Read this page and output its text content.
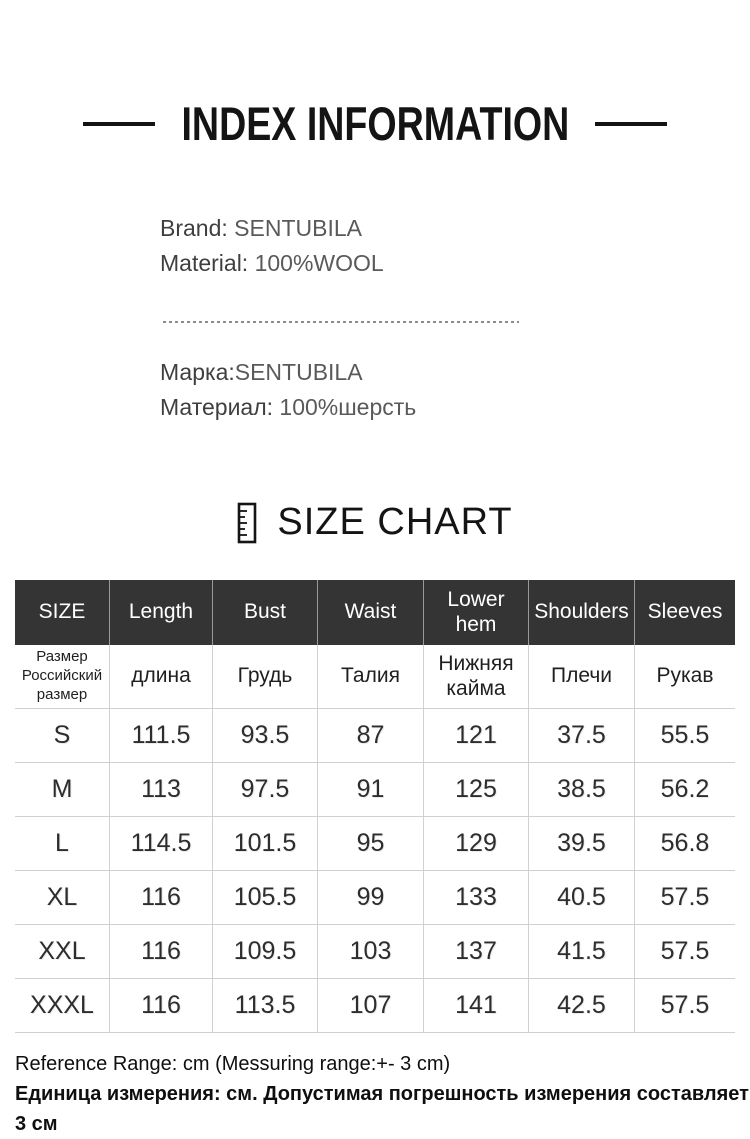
INDEX INFORMATION
Brand: SENTUBILA
Material: 100%WOOL
Марка:SENTUBILA
Материал: 100%шерсть
SIZE CHART
SIZE	Length	Bust	Waist	Lower hem	Shoulders	Sleeves
Размер Российский размер	длина	Грудь	Талия	Нижняя кайма	Плечи	Рукав
S	111.5	93.5	87	121	37.5	55.5
M	113	97.5	91	125	38.5	56.2
L	114.5	101.5	95	129	39.5	56.8
XL	116	105.5	99	133	40.5	57.5
XXL	116	109.5	103	137	41.5	57.5
XXXL	116	113.5	107	141	42.5	57.5
Reference Range: cm (Messuring range:+- 3 cm)
Единица измерения: см. Допустимая погрешность измерения составляет 3 см
